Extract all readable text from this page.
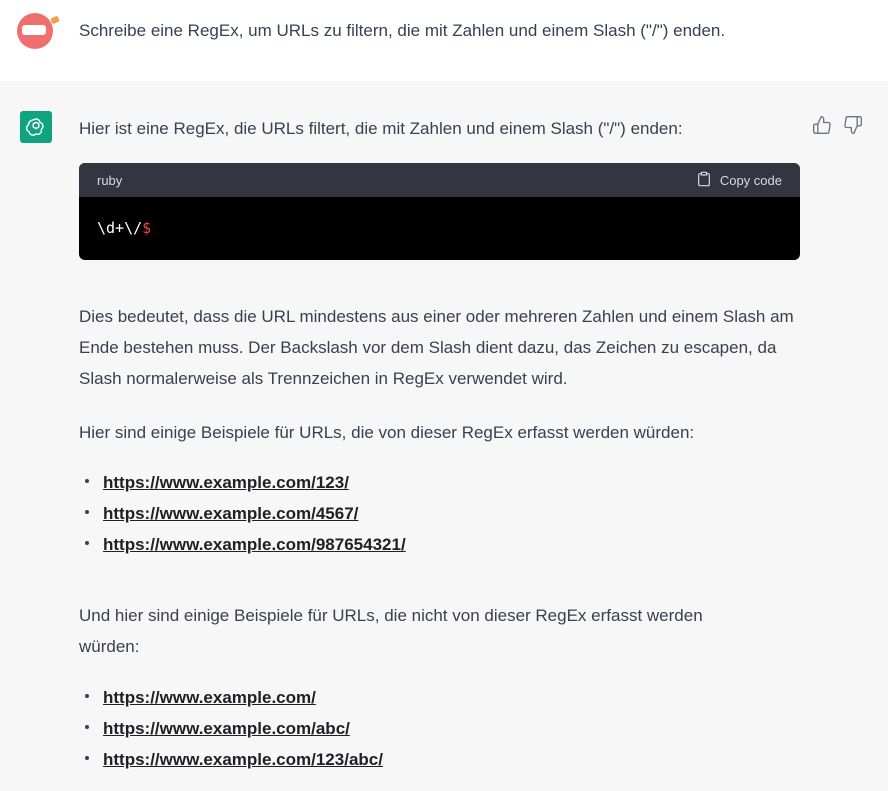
Schreibe eine RegEx, um URLs zu filtern, die mit Zahlen und einem Slash ("/") enden.

Hier ist eine RegEx, die URLs filtert, die mit Zahlen und einem Slash ("/") enden:

ruby	Copy code
\d+\/$

Dies bedeutet, dass die URL mindestens aus einer oder mehreren Zahlen und einem Slash am Ende bestehen muss. Der Backslash vor dem Slash dient dazu, das Zeichen zu escapen, da Slash normalerweise als Trennzeichen in RegEx verwendet wird.

Hier sind einige Beispiele für URLs, die von dieser RegEx erfasst werden würden:

https://www.example.com/123/
https://www.example.com/4567/
https://www.example.com/987654321/

Und hier sind einige Beispiele für URLs, die nicht von dieser RegEx erfasst werden würden:

https://www.example.com/
https://www.example.com/abc/
https://www.example.com/123/abc/
